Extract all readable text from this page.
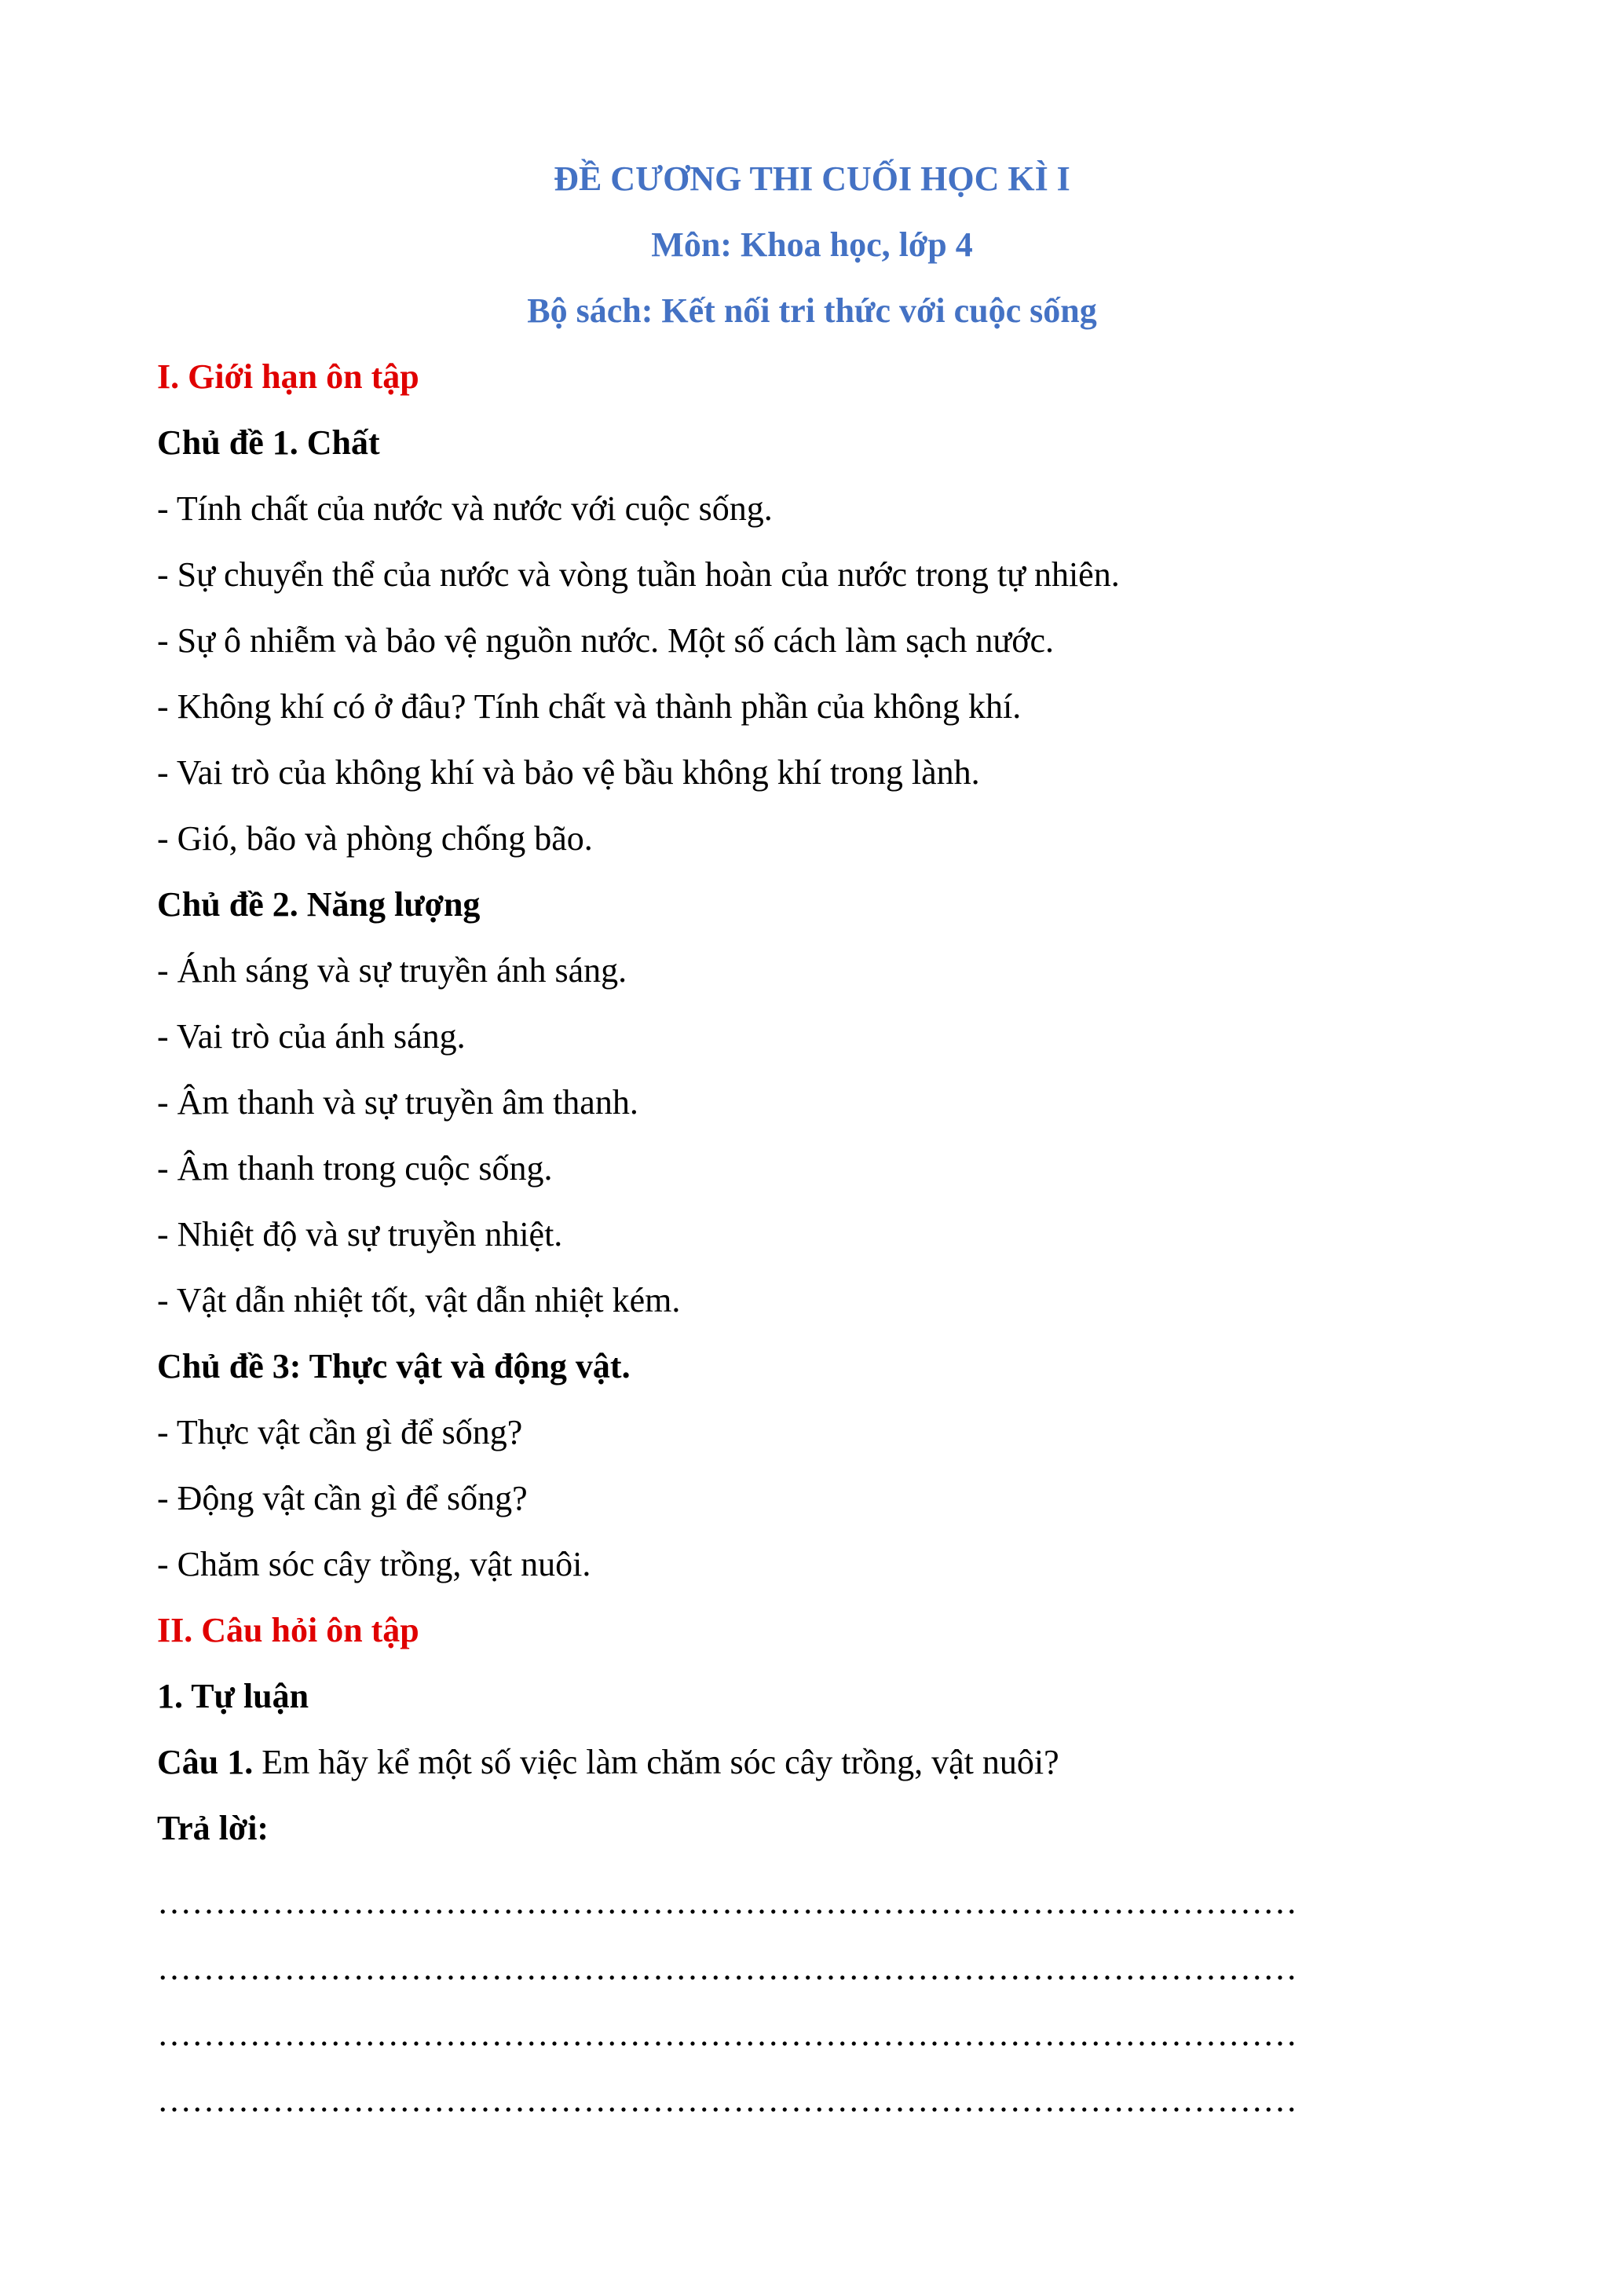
ĐỀ CƯƠNG THI CUỐI HỌC KÌ I
Môn: Khoa học, lớp 4
Bộ sách: Kết nối tri thức với cuộc sống
I. Giới hạn ôn tập
Chủ đề 1. Chất
- Tính chất của nước và nước với cuộc sống.
- Sự chuyển thể của nước và vòng tuần hoàn của nước trong tự nhiên.
- Sự ô nhiễm và bảo vệ nguồn nước. Một số cách làm sạch nước.
- Không khí có ở đâu? Tính chất và thành phần của không khí.
- Vai trò của không khí và bảo vệ bầu không khí trong lành.
- Gió, bão và phòng chống bão.
Chủ đề 2. Năng lượng
- Ánh sáng và sự truyền ánh sáng.
- Vai trò của ánh sáng.
- Âm thanh và sự truyền âm thanh.
- Âm thanh trong cuộc sống.
- Nhiệt độ và sự truyền nhiệt.
- Vật dẫn nhiệt tốt, vật dẫn nhiệt kém.
Chủ đề 3: Thực vật và động vật.
- Thực vật cần gì để sống?
- Động vật cần gì để sống?
- Chăm sóc cây trồng, vật nuôi.
II. Câu hỏi ôn tập
1. Tự luận
Câu 1. Em hãy kể một số việc làm chăm sóc cây trồng, vật nuôi?
Trả lời:
………………………………………………………………………………………
………………………………………………………………………………………
………………………………………………………………………………………
………………………………………………………………………………………
